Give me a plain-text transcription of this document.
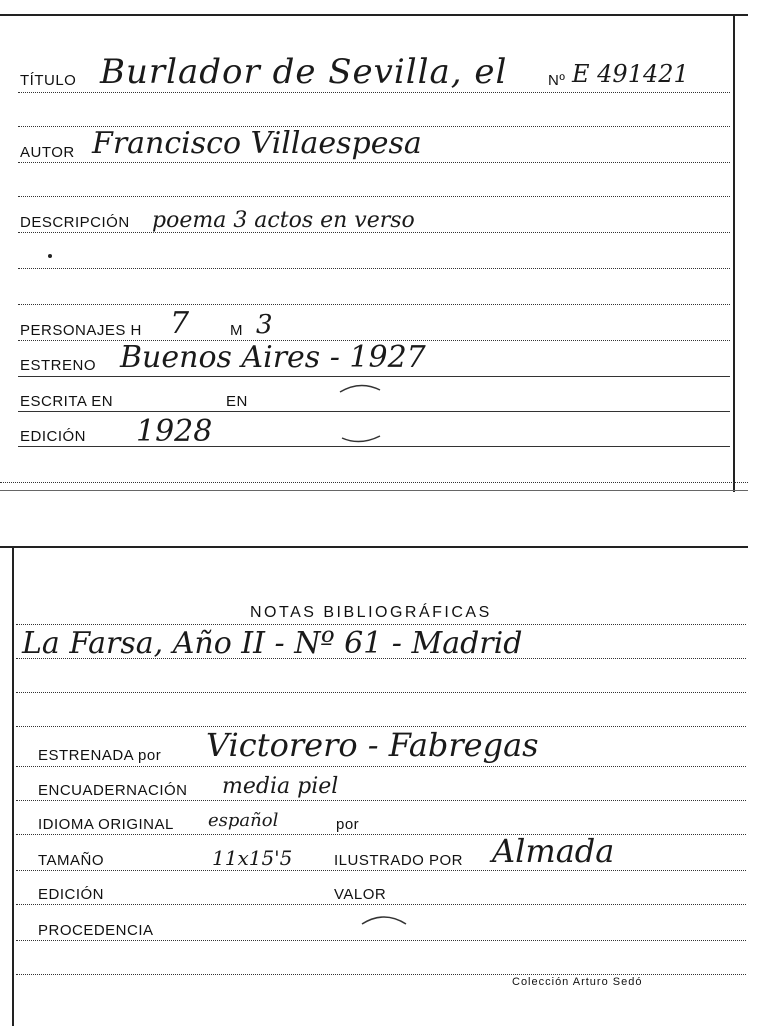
TÍTULO Burlador de Sevilla, el	Nº E 491421
AUTOR Francisco Villaespesa
DESCRIPCIÓN poema 3 actos en verso
PERSONAJES H 7	M 3
ESTRENO Buenos Aires - 1927
ESCRITA EN	EN
EDICIÓN 1928
NOTAS BIBLIOGRÁFICAS
La Farsa, Año II - Nº 61 - Madrid
ESTRENADA por Victorero - Fabregas
ENCUADERNACIÓN media piel
IDIOMA ORIGINAL español	por
TAMAÑO	11x15'5	ILUSTRADO POR Almada
EDICIÓN	VALOR
PROCEDENCIA
Colección Arturo Sedó
